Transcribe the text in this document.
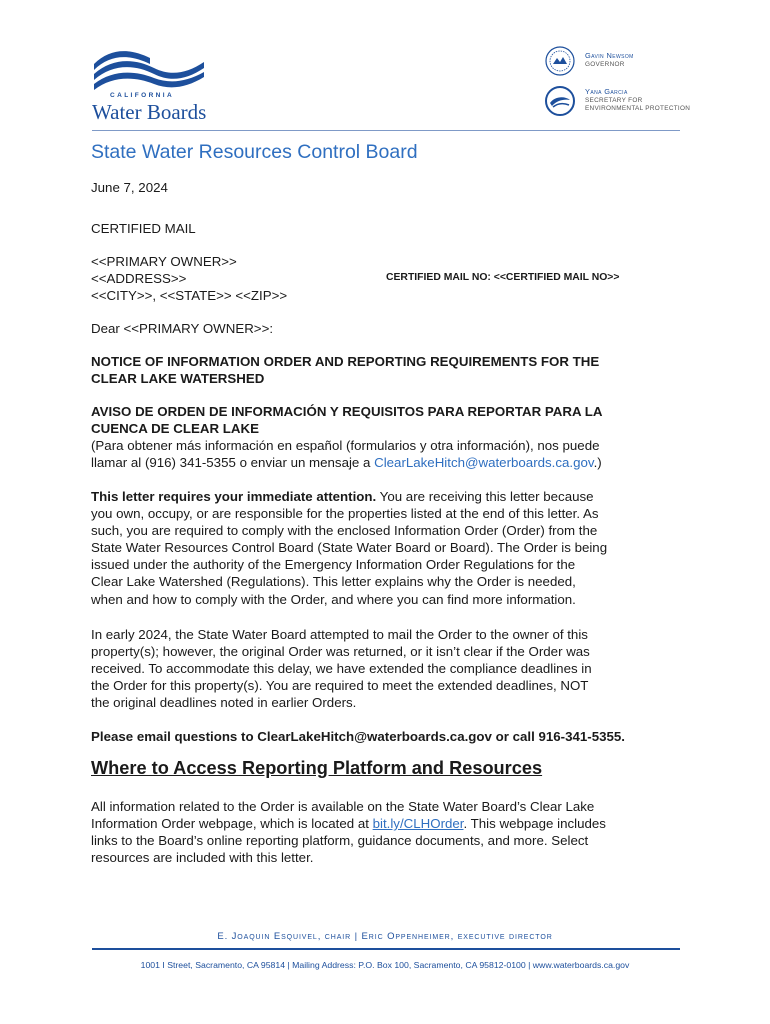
CALIFORNIA
Water Boards
Gavin Newsom
GOVERNOR
Yana Garcia
SECRETARY FOR
ENVIRONMENTAL PROTECTION
State Water Resources Control Board
June 7, 2024
CERTIFIED MAIL
<<PRIMARY OWNER>>
<<ADDRESS>>
<<CITY>>, <<STATE>> <<ZIP>>
CERTIFIED MAIL NO: <<CERTIFIED MAIL NO>>
Dear <<PRIMARY OWNER>>:
NOTICE OF INFORMATION ORDER AND REPORTING REQUIREMENTS FOR THE
CLEAR LAKE WATERSHED
AVISO DE ORDEN DE INFORMACIÓN Y REQUISITOS PARA REPORTAR PARA LA
CUENCA DE CLEAR LAKE
(Para obtener más información en español (formularios y otra información), nos puede
llamar al (916) 341-5355 o enviar un mensaje a ClearLakeHitch@waterboards.ca.gov.)
This letter requires your immediate attention. You are receiving this letter because
you own, occupy, or are responsible for the properties listed at the end of this letter. As
such, you are required to comply with the enclosed Information Order (Order) from the
State Water Resources Control Board (State Water Board or Board). The Order is being
issued under the authority of the Emergency Information Order Regulations for the
Clear Lake Watershed (Regulations). This letter explains why the Order is needed,
when and how to comply with the Order, and where you can find more information.
In early 2024, the State Water Board attempted to mail the Order to the owner of this
property(s); however, the original Order was returned, or it isn’t clear if the Order was
received. To accommodate this delay, we have extended the compliance deadlines in
the Order for this property(s). You are required to meet the extended deadlines, NOT
the original deadlines noted in earlier Orders.
Please email questions to ClearLakeHitch@waterboards.ca.gov or call 916-341-5355.
Where to Access Reporting Platform and Resources
All information related to the Order is available on the State Water Board’s Clear Lake
Information Order webpage, which is located at bit.ly/CLHOrder. This webpage includes
links to the Board’s online reporting platform, guidance documents, and more. Select
resources are included with this letter.
E. Joaquin Esquivel, chair | Eric Oppenheimer, executive director
1001 I Street, Sacramento, CA 95814 | Mailing Address: P.O. Box 100, Sacramento, CA 95812-0100 | www.waterboards.ca.gov
